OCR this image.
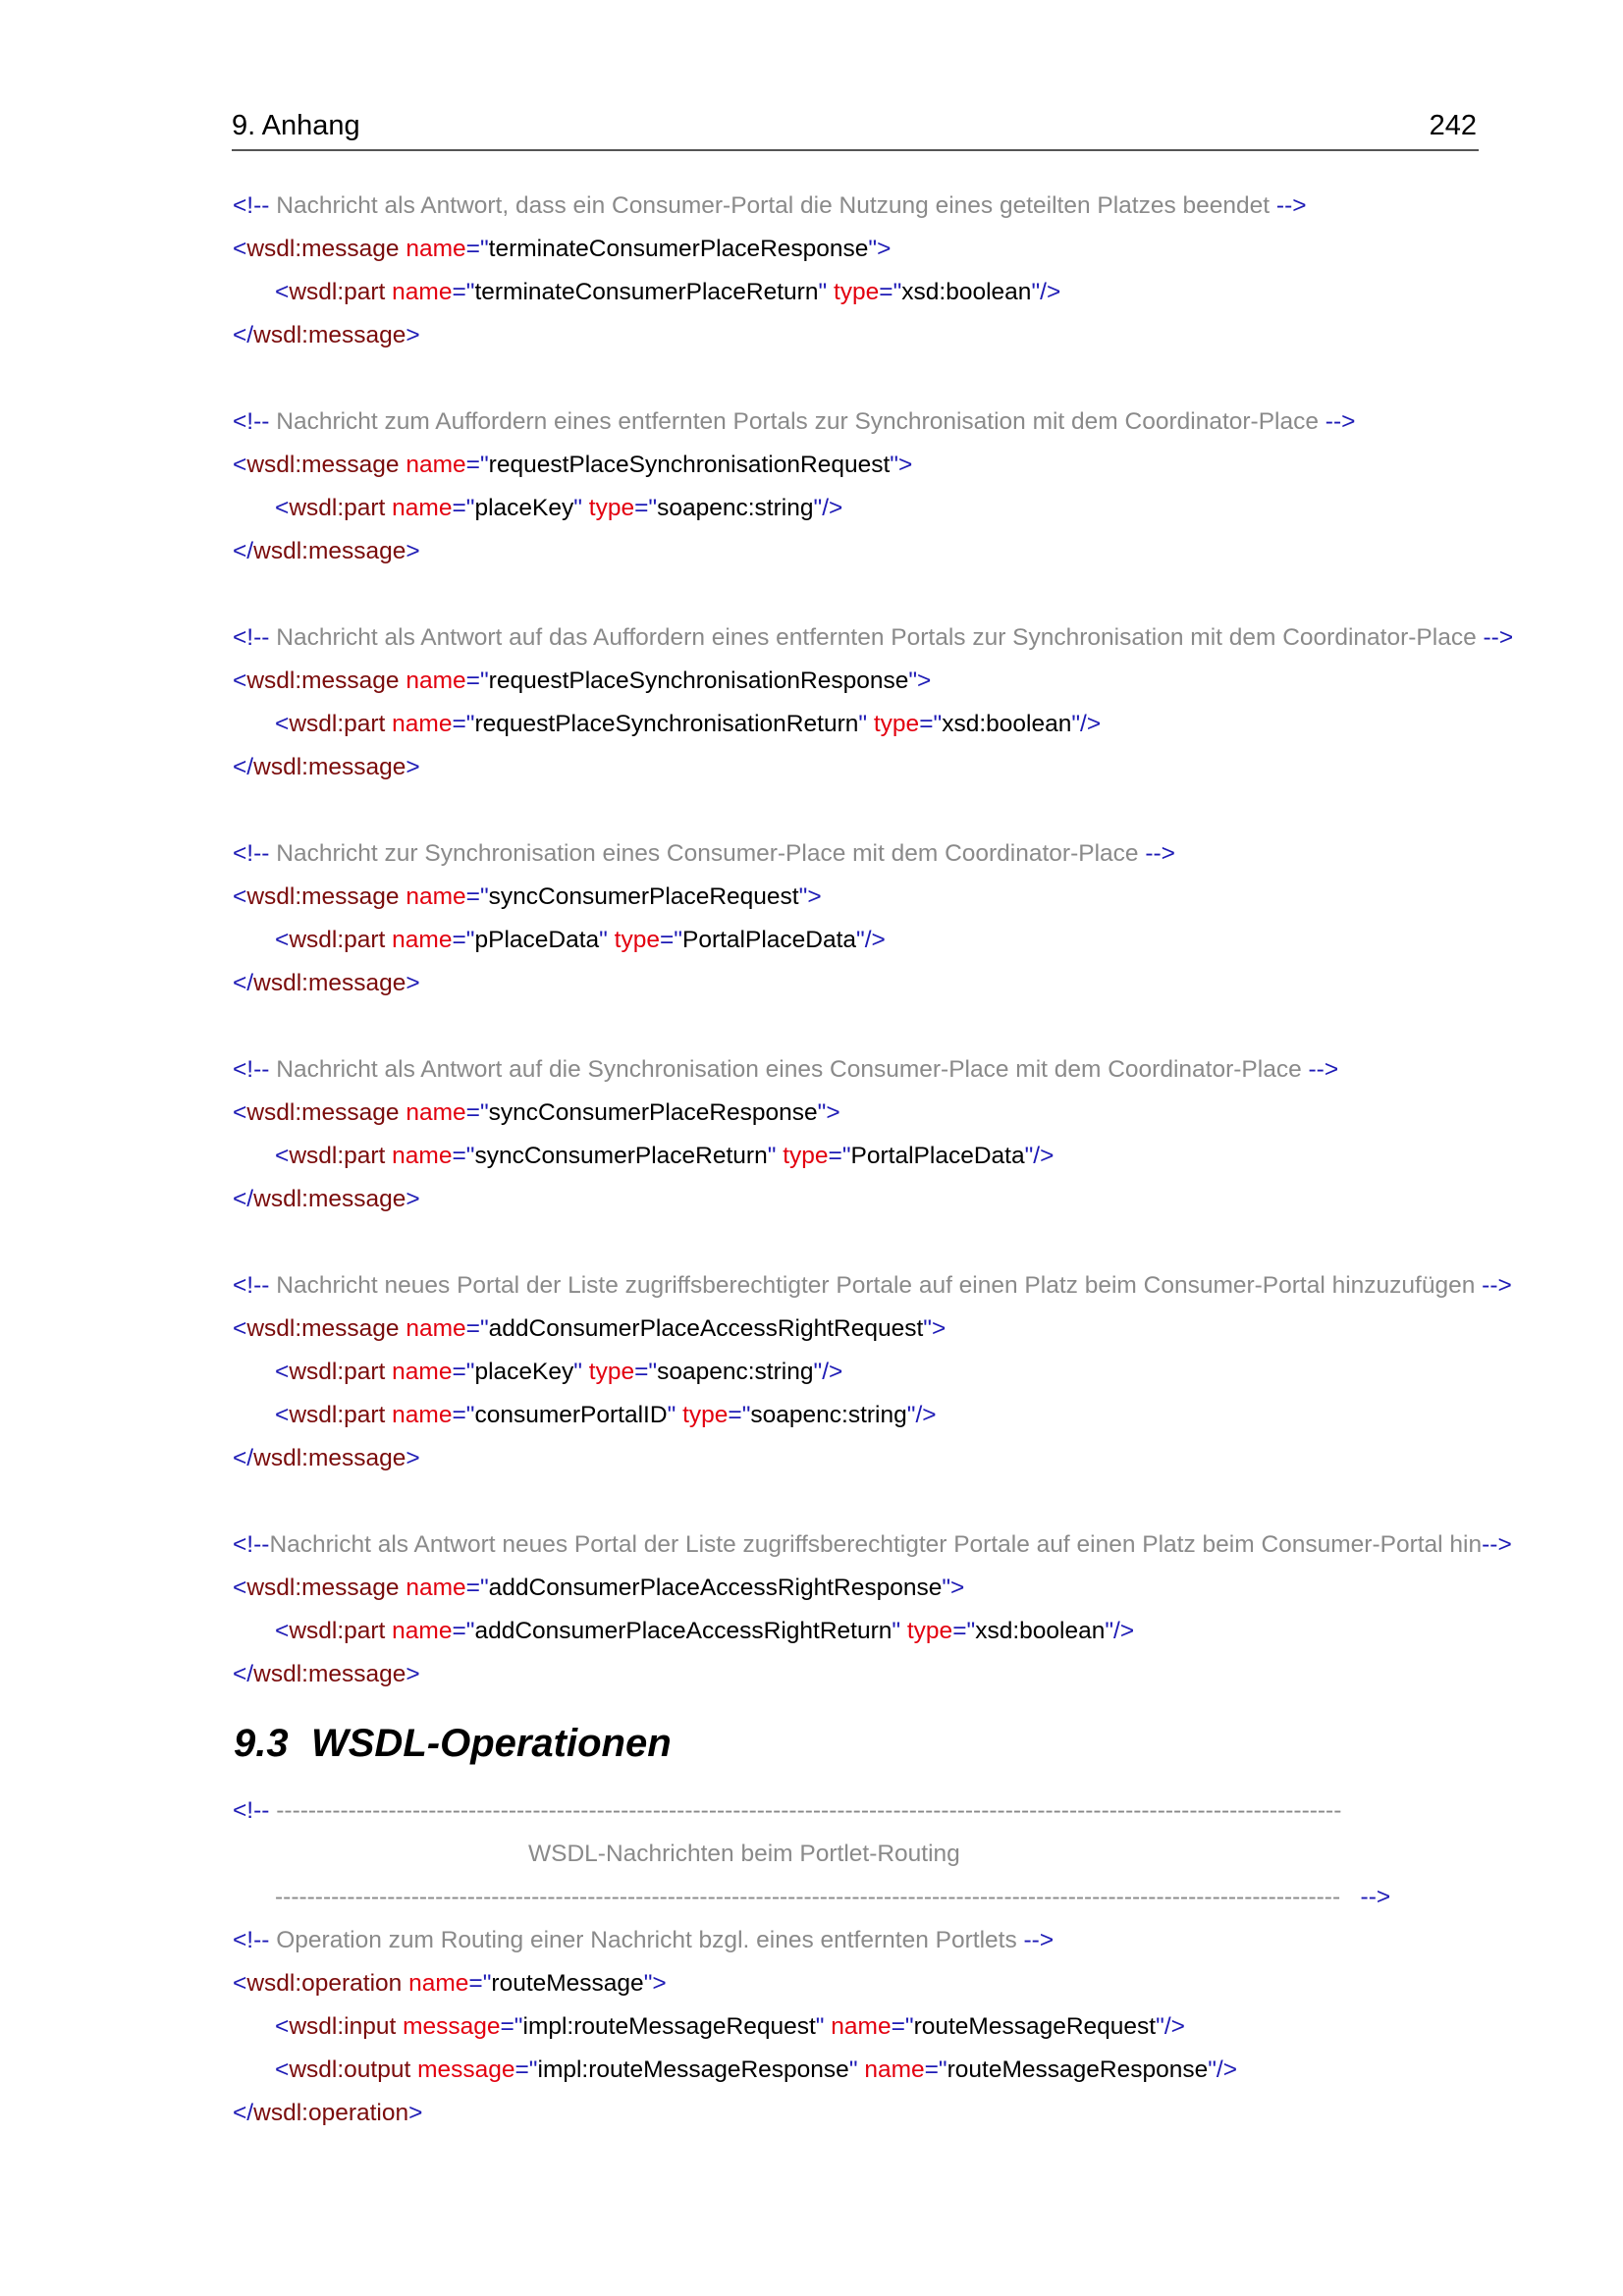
9. Anhang	242
<!-- Nachricht als Antwort, dass ein Consumer-Portal die Nutzung eines geteilten Platzes beendet -->
<wsdl:message name="terminateConsumerPlaceResponse">
<wsdl:part name="terminateConsumerPlaceReturn" type="xsd:boolean"/>
</wsdl:message>
<!-- Nachricht zum Auffordern eines entfernten Portals zur Synchronisation mit dem Coordinator-Place -->
<wsdl:message name="requestPlaceSynchronisationRequest">
<wsdl:part name="placeKey" type="soapenc:string"/>
</wsdl:message>
<!-- Nachricht als Antwort auf das Auffordern eines entfernten Portals zur Synchronisation mit dem Coordinator-Place -->
<wsdl:message name="requestPlaceSynchronisationResponse">
<wsdl:part name="requestPlaceSynchronisationReturn" type="xsd:boolean"/>
</wsdl:message>
<!-- Nachricht zur Synchronisation eines Consumer-Place mit dem Coordinator-Place -->
<wsdl:message name="syncConsumerPlaceRequest">
<wsdl:part name="pPlaceData" type="PortalPlaceData"/>
</wsdl:message>
<!-- Nachricht als Antwort auf die Synchronisation eines Consumer-Place mit dem Coordinator-Place -->
<wsdl:message name="syncConsumerPlaceResponse">
<wsdl:part name="syncConsumerPlaceReturn" type="PortalPlaceData"/>
</wsdl:message>
<!-- Nachricht neues Portal der Liste zugriffsberechtigter Portale auf einen Platz beim Consumer-Portal hinzuzufügen -->
<wsdl:message name="addConsumerPlaceAccessRightRequest">
<wsdl:part name="placeKey" type="soapenc:string"/>
<wsdl:part name="consumerPortalID" type="soapenc:string"/>
</wsdl:message>
<!--Nachricht als Antwort neues Portal der Liste zugriffsberechtigter Portale auf einen Platz beim Consumer-Portal hin-->
<wsdl:message name="addConsumerPlaceAccessRightResponse">
<wsdl:part name="addConsumerPlaceAccessRightReturn" type="xsd:boolean"/>
</wsdl:message>
9.3 WSDL-Operationen
<!-- -------------------------------------------------------------------------------------------------------------------------------------
WSDL-Nachrichten beim Portlet-Routing
------------------------------------------------------------------------------------------------------------------------------------- -->
<!-- Operation zum Routing einer Nachricht bzgl. eines entfernten Portlets -->
<wsdl:operation name="routeMessage">
<wsdl:input message="impl:routeMessageRequest" name="routeMessageRequest"/>
<wsdl:output message="impl:routeMessageResponse" name="routeMessageResponse"/>
</wsdl:operation>
